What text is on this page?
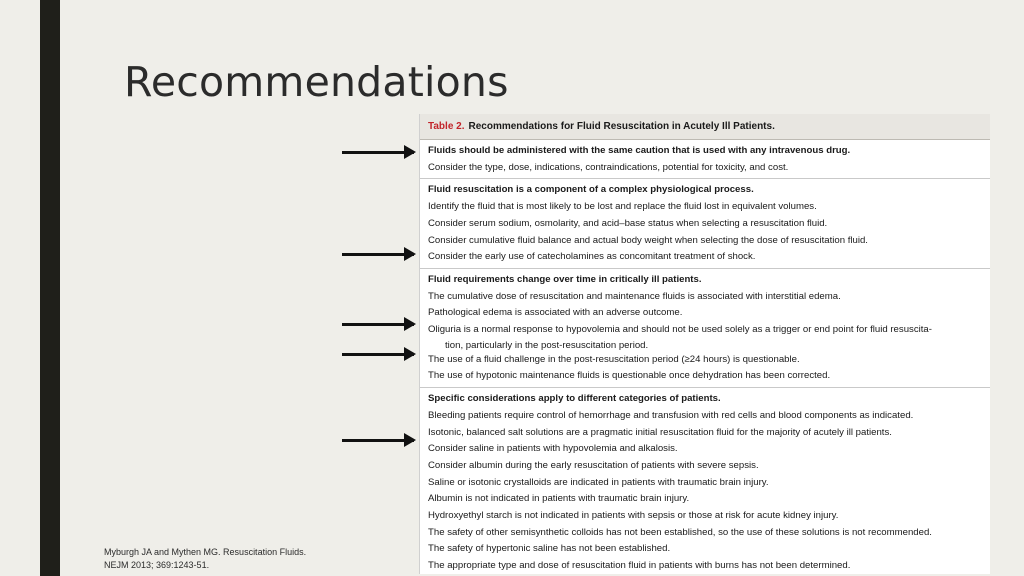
Recommendations
Table 2. Recommendations for Fluid Resuscitation in Acutely Ill Patients.
Fluids should be administered with the same caution that is used with any intravenous drug.
Consider the type, dose, indications, contraindications, potential for toxicity, and cost.
Fluid resuscitation is a component of a complex physiological process.
Identify the fluid that is most likely to be lost and replace the fluid lost in equivalent volumes.
Consider serum sodium, osmolarity, and acid–base status when selecting a resuscitation fluid.
Consider cumulative fluid balance and actual body weight when selecting the dose of resuscitation fluid.
Consider the early use of catecholamines as concomitant treatment of shock.
Fluid requirements change over time in critically ill patients.
The cumulative dose of resuscitation and maintenance fluids is associated with interstitial edema.
Pathological edema is associated with an adverse outcome.
Oliguria is a normal response to hypovolemia and should not be used solely as a trigger or end point for fluid resuscita-
tion, particularly in the post-resuscitation period.
The use of a fluid challenge in the post-resuscitation period (≥24 hours) is questionable.
The use of hypotonic maintenance fluids is questionable once dehydration has been corrected.
Specific considerations apply to different categories of patients.
Bleeding patients require control of hemorrhage and transfusion with red cells and blood components as indicated.
Isotonic, balanced salt solutions are a pragmatic initial resuscitation fluid for the majority of acutely ill patients.
Consider saline in patients with hypovolemia and alkalosis.
Consider albumin during the early resuscitation of patients with severe sepsis.
Saline or isotonic crystalloids are indicated in patients with traumatic brain injury.
Albumin is not indicated in patients with traumatic brain injury.
Hydroxyethyl starch is not indicated in patients with sepsis or those at risk for acute kidney injury.
The safety of other semisynthetic colloids has not been established, so the use of these solutions is not recommended.
The safety of hypertonic saline has not been established.
The appropriate type and dose of resuscitation fluid in patients with burns has not been determined.
Myburgh JA and Mythen MG. Resuscitation Fluids.
NEJM 2013; 369:1243-51.
